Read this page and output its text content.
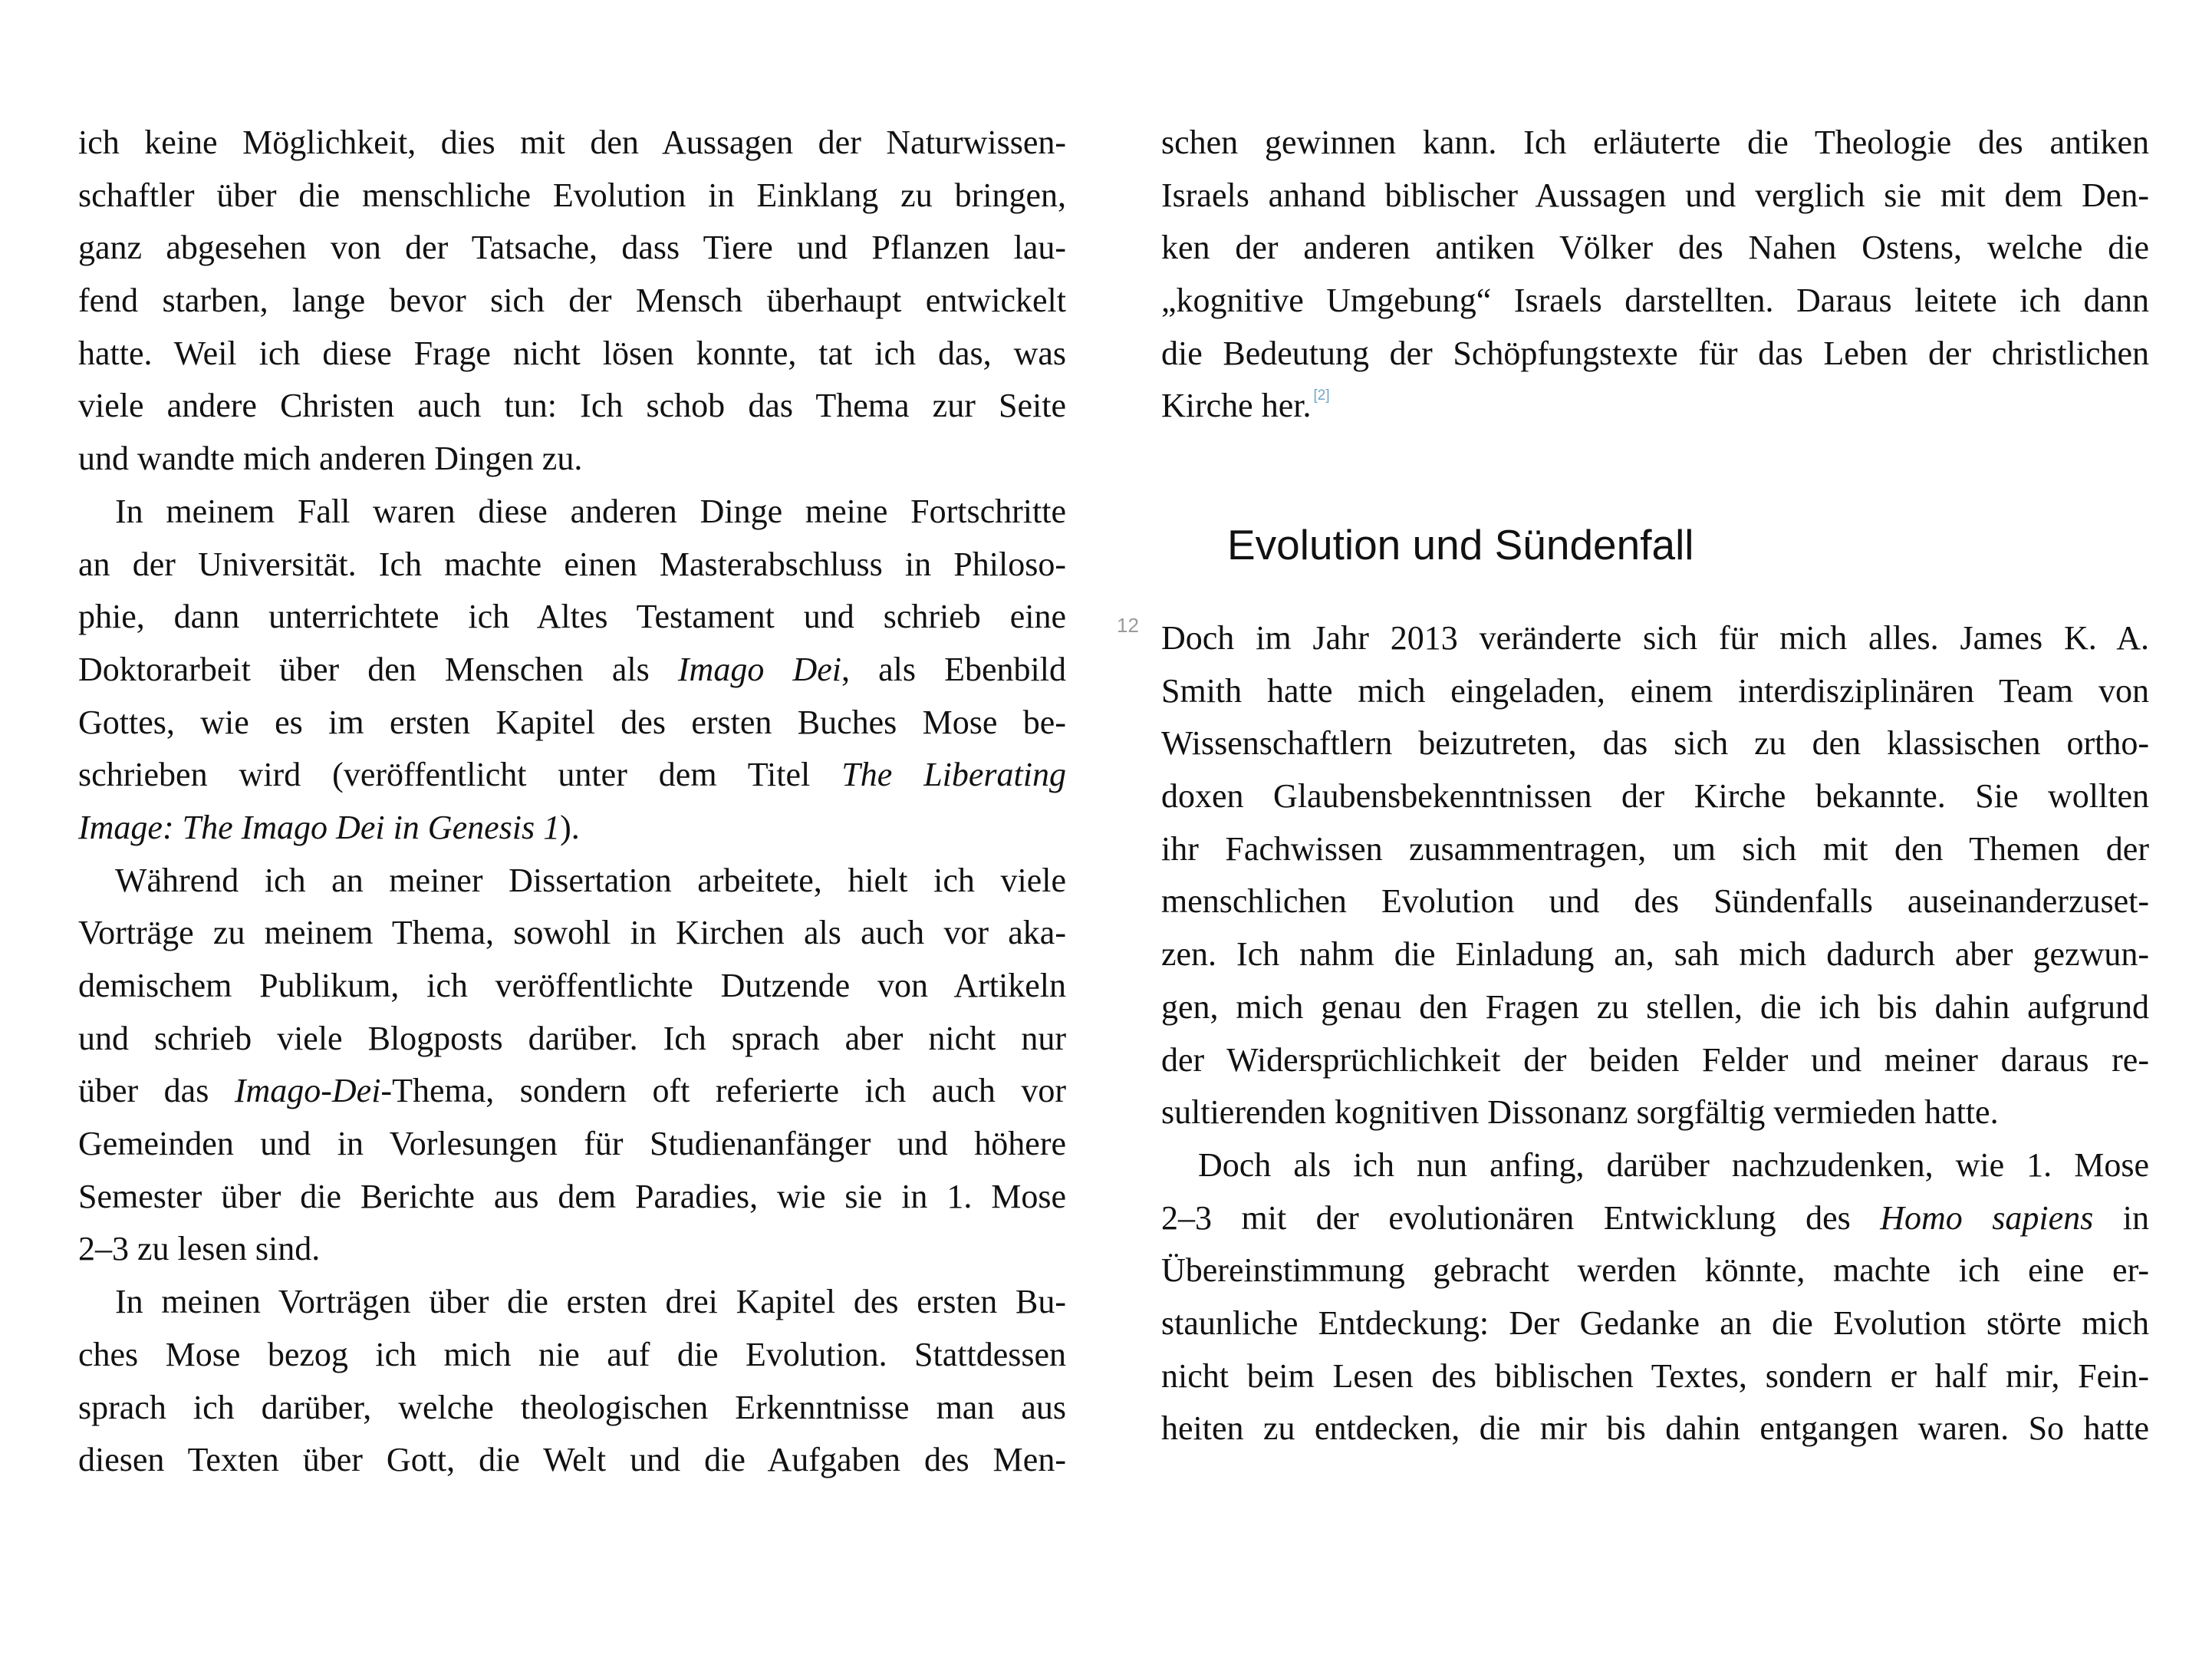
ich keine Möglichkeit, dies mit den Aussagen der Naturwissen-
schaftler über die menschliche Evolution in Einklang zu bringen,
ganz abgesehen von der Tatsache, dass Tiere und Pflanzen lau-
fend starben, lange bevor sich der Mensch überhaupt entwickelt
hatte. Weil ich diese Frage nicht lösen konnte, tat ich das, was
viele andere Christen auch tun: Ich schob das Thema zur Seite
und wandte mich anderen Dingen zu.
In meinem Fall waren diese anderen Dinge meine Fortschritte
an der Universität. Ich machte einen Masterabschluss in Philoso-
phie, dann unterrichtete ich Altes Testament und schrieb eine
Doktorarbeit über den Menschen als Imago Dei, als Ebenbild
Gottes, wie es im ersten Kapitel des ersten Buches Mose be-
schrieben wird (veröffentlicht unter dem Titel The Liberating
Image: The Imago Dei in Genesis 1).
Während ich an meiner Dissertation arbeitete, hielt ich viele
Vorträge zu meinem Thema, sowohl in Kirchen als auch vor aka-
demischem Publikum, ich veröffentlichte Dutzende von Artikeln
und schrieb viele Blogposts darüber. Ich sprach aber nicht nur
über das Imago-Dei-Thema, sondern oft referierte ich auch vor
Gemeinden und in Vorlesungen für Studienanfänger und höhere
Semester über die Berichte aus dem Paradies, wie sie in 1. Mose
2–3 zu lesen sind.
In meinen Vorträgen über die ersten drei Kapitel des ersten Bu-
ches Mose bezog ich mich nie auf die Evolution. Stattdessen
sprach ich darüber, welche theologischen Erkenntnisse man aus
diesen Texten über Gott, die Welt und die Aufgaben des Men-
schen gewinnen kann. Ich erläuterte die Theologie des antiken
Israels anhand biblischer Aussagen und verglich sie mit dem Den-
ken der anderen antiken Völker des Nahen Ostens, welche die
„kognitive Umgebung“ Israels darstellten. Daraus leitete ich dann
die Bedeutung der Schöpfungstexte für das Leben der christlichen
Kirche her. [2]
Evolution und Sündenfall
12 Doch im Jahr 2013 veränderte sich für mich alles. James K. A.
Smith hatte mich eingeladen, einem interdisziplinären Team von
Wissenschaftlern beizutreten, das sich zu den klassischen ortho-
doxen Glaubensbekenntnissen der Kirche bekannte. Sie wollten
ihr Fachwissen zusammentragen, um sich mit den Themen der
menschlichen Evolution und des Sündenfalls auseinanderzuset-
zen. Ich nahm die Einladung an, sah mich dadurch aber gezwun-
gen, mich genau den Fragen zu stellen, die ich bis dahin aufgrund
der Widersprüchlichkeit der beiden Felder und meiner daraus re-
sultierenden kognitiven Dissonanz sorgfältig vermieden hatte.
Doch als ich nun anfing, darüber nachzudenken, wie 1. Mose
2–3 mit der evolutionären Entwicklung des Homo sapiens in
Übereinstimmung gebracht werden könnte, machte ich eine er-
staunliche Entdeckung: Der Gedanke an die Evolution störte mich
nicht beim Lesen des biblischen Textes, sondern er half mir, Fein-
heiten zu entdecken, die mir bis dahin entgangen waren. So hatte
